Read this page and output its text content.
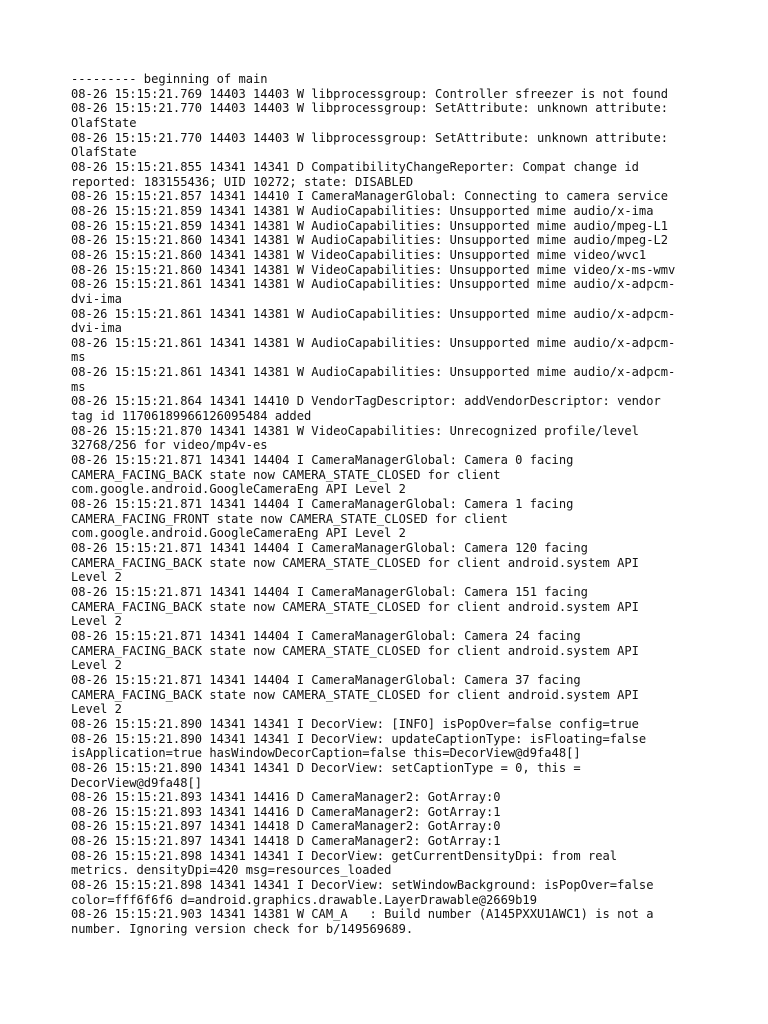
--------- beginning of main
08-26 15:15:21.769 14403 14403 W libprocessgroup: Controller sfreezer is not found
08-26 15:15:21.770 14403 14403 W libprocessgroup: SetAttribute: unknown attribute:
OlafState
08-26 15:15:21.770 14403 14403 W libprocessgroup: SetAttribute: unknown attribute:
OlafState
08-26 15:15:21.855 14341 14341 D CompatibilityChangeReporter: Compat change id
reported: 183155436; UID 10272; state: DISABLED
08-26 15:15:21.857 14341 14410 I CameraManagerGlobal: Connecting to camera service
08-26 15:15:21.859 14341 14381 W AudioCapabilities: Unsupported mime audio/x-ima
08-26 15:15:21.859 14341 14381 W AudioCapabilities: Unsupported mime audio/mpeg-L1
08-26 15:15:21.860 14341 14381 W AudioCapabilities: Unsupported mime audio/mpeg-L2
08-26 15:15:21.860 14341 14381 W VideoCapabilities: Unsupported mime video/wvc1
08-26 15:15:21.860 14341 14381 W VideoCapabilities: Unsupported mime video/x-ms-wmv
08-26 15:15:21.861 14341 14381 W AudioCapabilities: Unsupported mime audio/x-adpcm-
dvi-ima
08-26 15:15:21.861 14341 14381 W AudioCapabilities: Unsupported mime audio/x-adpcm-
dvi-ima
08-26 15:15:21.861 14341 14381 W AudioCapabilities: Unsupported mime audio/x-adpcm-
ms
08-26 15:15:21.861 14341 14381 W AudioCapabilities: Unsupported mime audio/x-adpcm-
ms
08-26 15:15:21.864 14341 14410 D VendorTagDescriptor: addVendorDescriptor: vendor
tag id 11706189966126095484 added
08-26 15:15:21.870 14341 14381 W VideoCapabilities: Unrecognized profile/level
32768/256 for video/mp4v-es
08-26 15:15:21.871 14341 14404 I CameraManagerGlobal: Camera 0 facing
CAMERA_FACING_BACK state now CAMERA_STATE_CLOSED for client
com.google.android.GoogleCameraEng API Level 2
08-26 15:15:21.871 14341 14404 I CameraManagerGlobal: Camera 1 facing
CAMERA_FACING_FRONT state now CAMERA_STATE_CLOSED for client
com.google.android.GoogleCameraEng API Level 2
08-26 15:15:21.871 14341 14404 I CameraManagerGlobal: Camera 120 facing
CAMERA_FACING_BACK state now CAMERA_STATE_CLOSED for client android.system API
Level 2
08-26 15:15:21.871 14341 14404 I CameraManagerGlobal: Camera 151 facing
CAMERA_FACING_BACK state now CAMERA_STATE_CLOSED for client android.system API
Level 2
08-26 15:15:21.871 14341 14404 I CameraManagerGlobal: Camera 24 facing
CAMERA_FACING_BACK state now CAMERA_STATE_CLOSED for client android.system API
Level 2
08-26 15:15:21.871 14341 14404 I CameraManagerGlobal: Camera 37 facing
CAMERA_FACING_BACK state now CAMERA_STATE_CLOSED for client android.system API
Level 2
08-26 15:15:21.890 14341 14341 I DecorView: [INFO] isPopOver=false config=true
08-26 15:15:21.890 14341 14341 I DecorView: updateCaptionType: isFloating=false
isApplication=true hasWindowDecorCaption=false this=DecorView@d9fa48[]
08-26 15:15:21.890 14341 14341 D DecorView: setCaptionType = 0, this =
DecorView@d9fa48[]
08-26 15:15:21.893 14341 14416 D CameraManager2: GotArray:0
08-26 15:15:21.893 14341 14416 D CameraManager2: GotArray:1
08-26 15:15:21.897 14341 14418 D CameraManager2: GotArray:0
08-26 15:15:21.897 14341 14418 D CameraManager2: GotArray:1
08-26 15:15:21.898 14341 14341 I DecorView: getCurrentDensityDpi: from real
metrics. densityDpi=420 msg=resources_loaded
08-26 15:15:21.898 14341 14341 I DecorView: setWindowBackground: isPopOver=false
color=fff6f6f6 d=android.graphics.drawable.LayerDrawable@2669b19
08-26 15:15:21.903 14341 14381 W CAM_A   : Build number (A145PXXU1AWC1) is not a
number. Ignoring version check for b/149569689.
